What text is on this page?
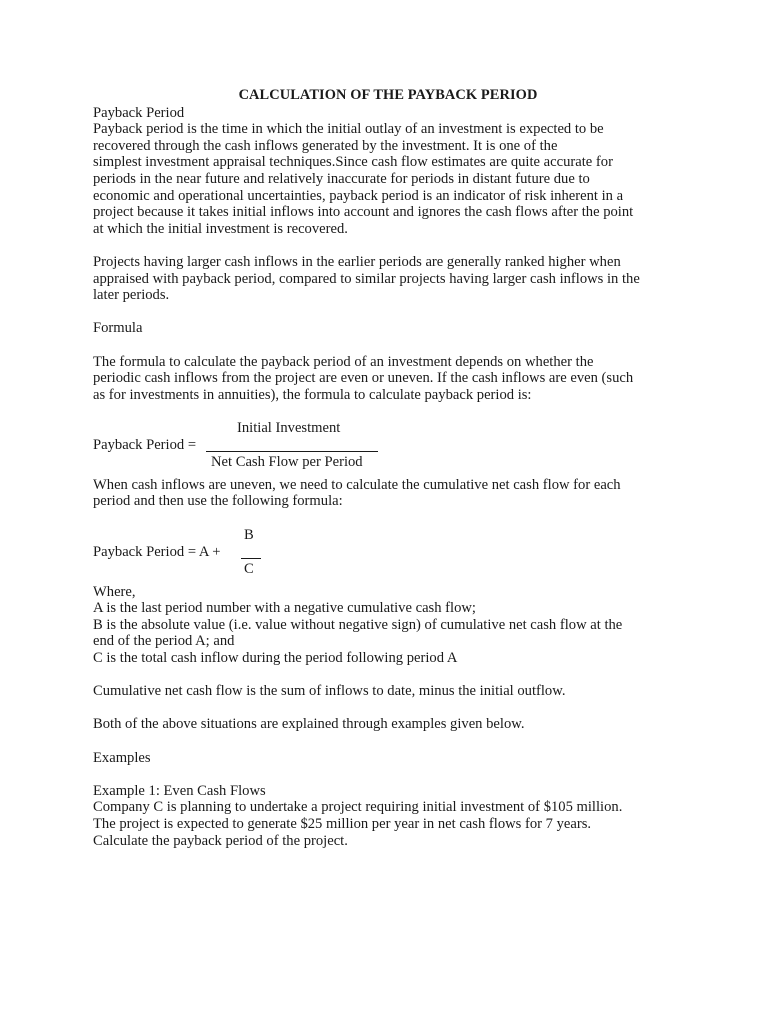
CALCULATION OF THE PAYBACK PERIOD

Payback Period

Payback period is the time in which the initial outlay of an investment is expected to be
recovered through the cash inflows generated by the investment. It is one of the
simplest investment appraisal techniques.Since cash flow estimates are quite accurate for
periods in the near future and relatively inaccurate for periods in distant future due to
economic and operational uncertainties, payback period is an indicator of risk inherent in a
project because it takes initial inflows into account and ignores the cash flows after the point
at which the initial investment is recovered.
Projects having larger cash inflows in the earlier periods are generally ranked higher when
appraised with payback period, compared to similar projects having larger cash inflows in the
later periods.

Formula

The formula to calculate the payback period of an investment depends on whether the
periodic cash inflows from the project are even or uneven. If the cash inflows are even (such
as for investments in annuities), the formula to calculate payback period is:
Initial Investment
Payback Period =
Net Cash Flow per Period
When cash inflows are uneven, we need to calculate the cumulative net cash flow for each
period and then use the following formula:
B
Payback Period = A +
C
Where,
A is the last period number with a negative cumulative cash flow;
B is the absolute value (i.e. value without negative sign) of cumulative net cash flow at the
end of the period A; and
C is the total cash inflow during the period following period A

Cumulative net cash flow is the sum of inflows to date, minus the initial outflow.

Both of the above situations are explained through examples given below.

Examples

Example 1: Even Cash Flows

Company C is planning to undertake a project requiring initial investment of $105 million.
The project is expected to generate $25 million per year in net cash flows for 7 years.
Calculate the payback period of the project.
